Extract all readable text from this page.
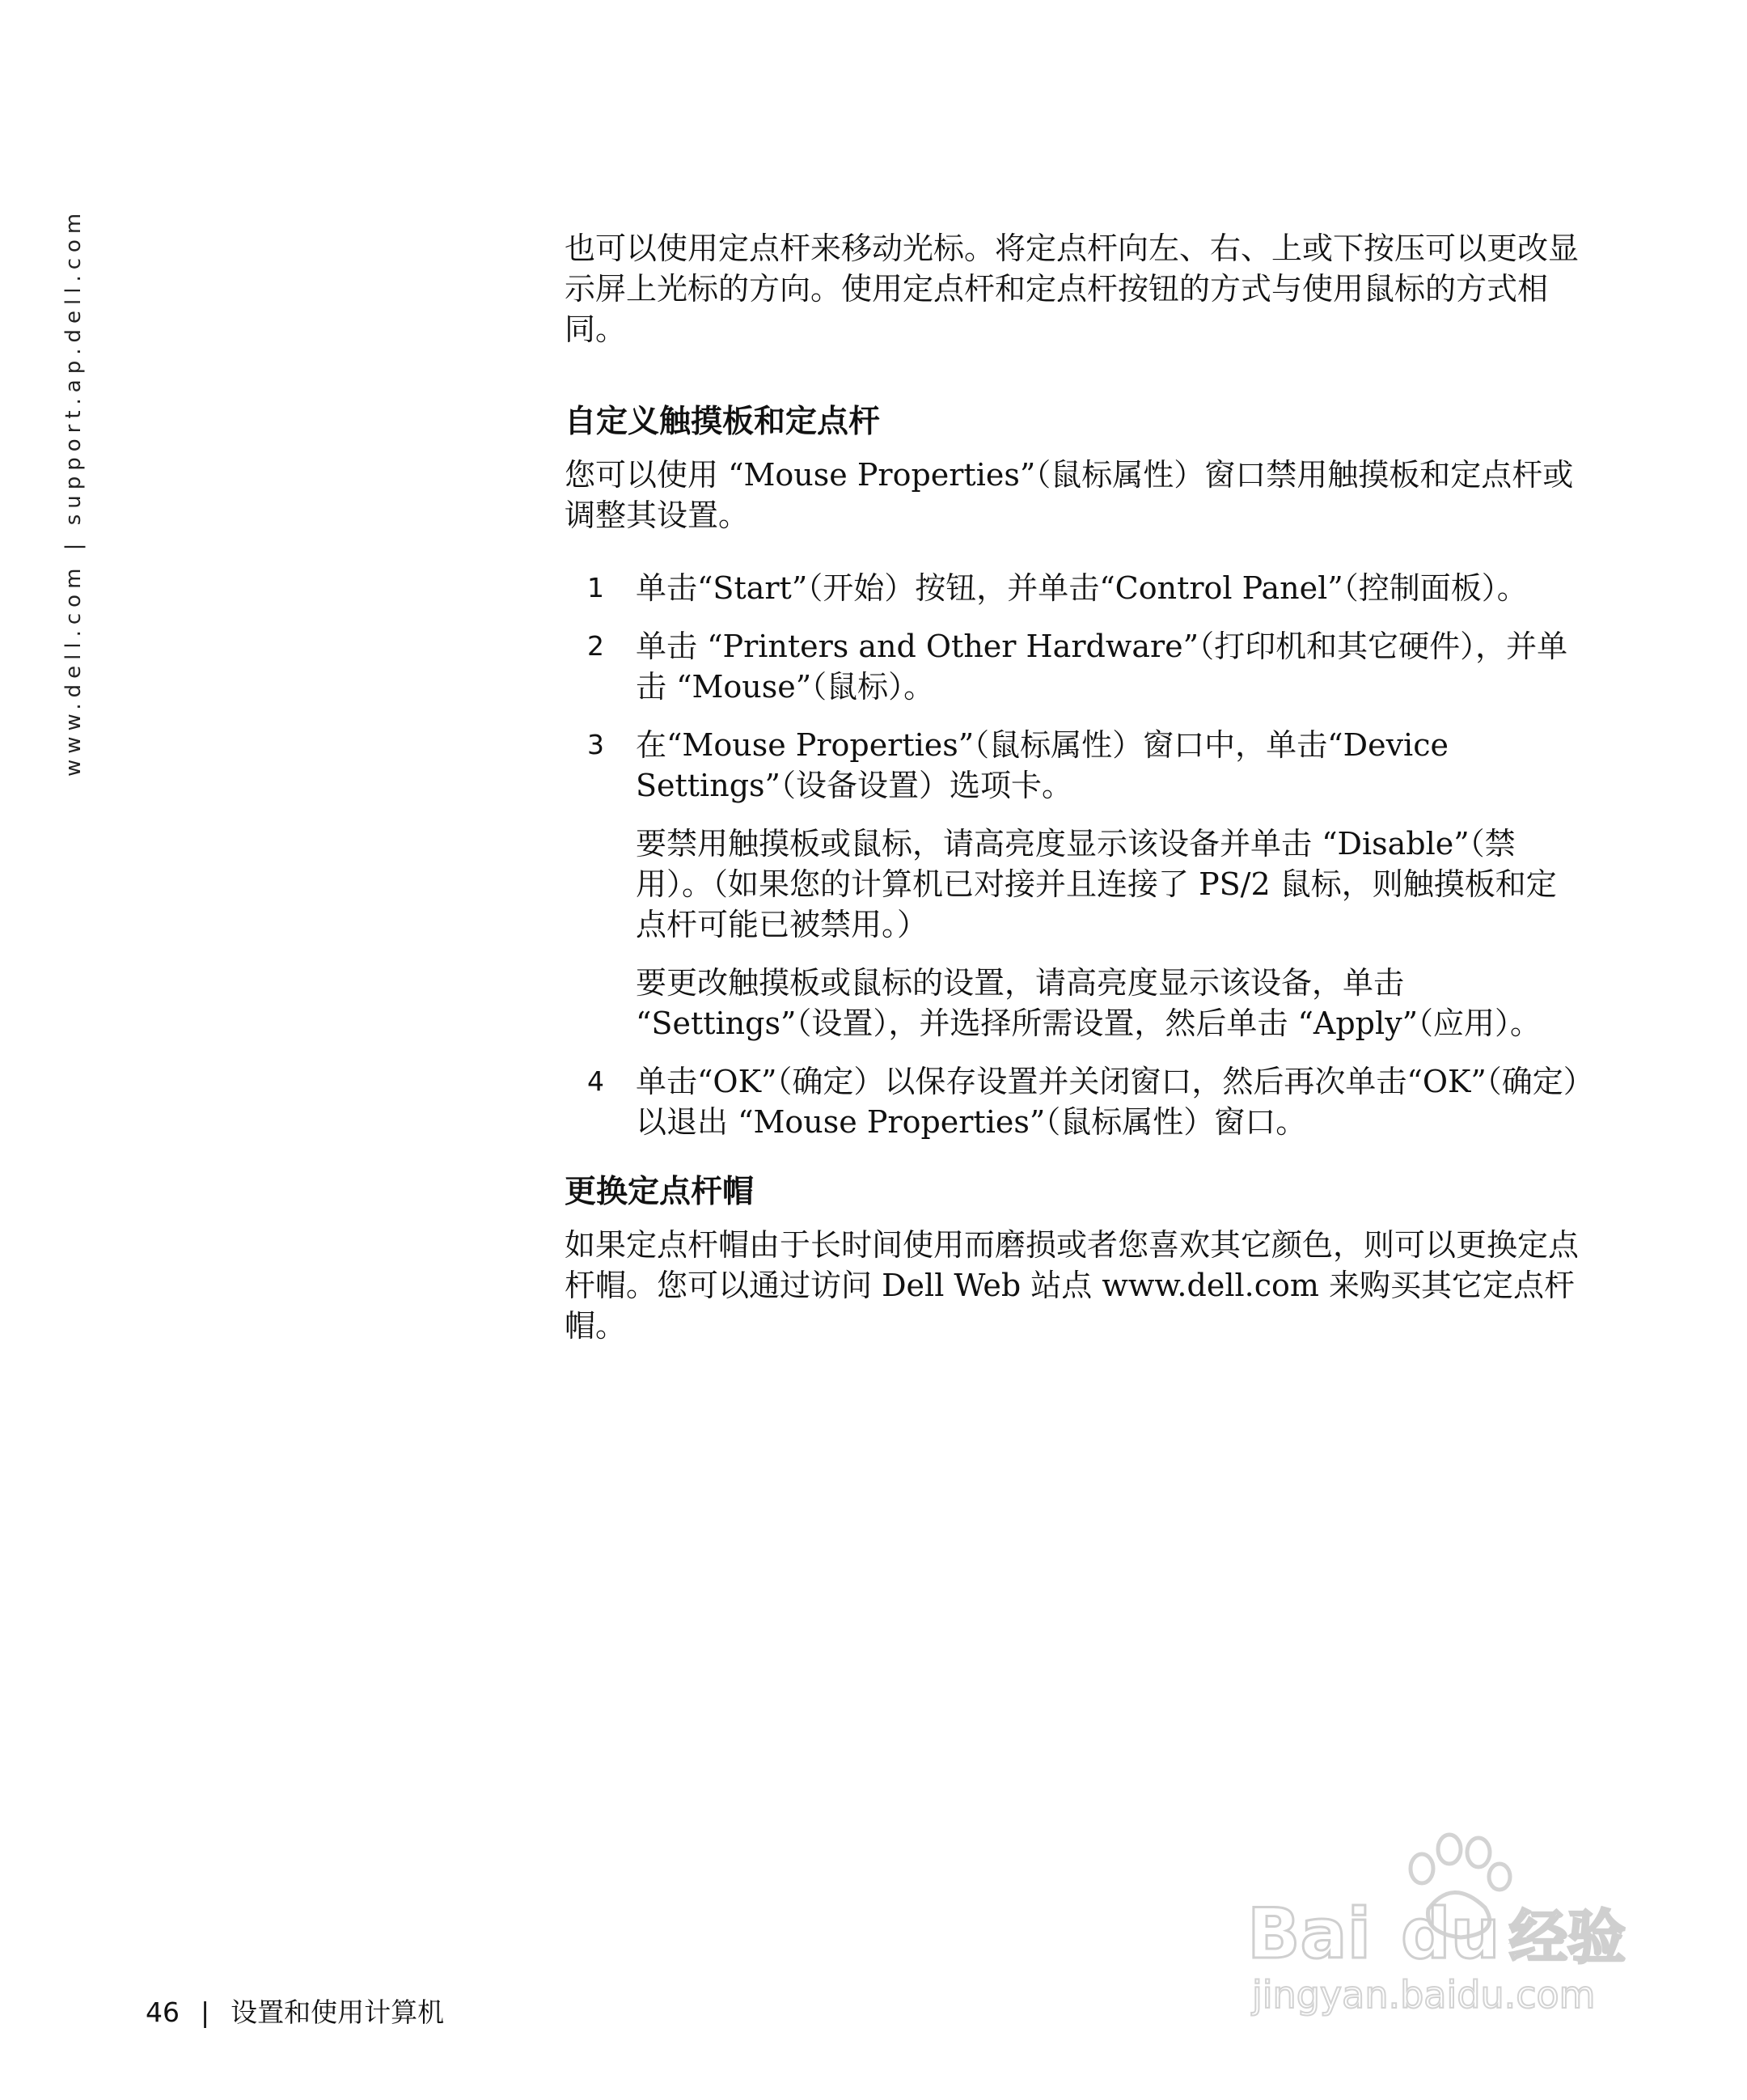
www.dell.com | support.ap.dell.com	也可以使用定点杆来移动光标。将定点杆向左、右、上或下按压可以更改显示屏上光标的方向。使用定点杆和定点杆按钮的方式与使用鼠标的方式相同。

自定义触摸板和定点杆

您可以使用 “Mouse Properties”（鼠标属性）窗口禁用触摸板和定点杆或调整其设置。

1 单击“Start”（开始）按钮，并单击“Control Panel”（控制面板）。

2 单击 “Printers and Other Hardware”（打印机和其它硬件），并单击 “Mouse”（鼠标）。

3 在“Mouse Properties”（鼠标属性）窗口中，单击“Device Settings”（设备设置）选项卡。

要禁用触摸板或鼠标，请高亮度显示该设备并单击 “Disable”（禁用）。（如果您的计算机已对接并且连接了 PS/2 鼠标，则触摸板和定点杆可能已被禁用。）

要更改触摸板或鼠标的设置，请高亮度显示该设备，单击 “Settings”（设置），并选择所需设置，然后单击 “Apply”（应用）。

4 单击“OK”（确定）以保存设置并关闭窗口，然后再次单击“OK”（确定）以退出 “Mouse Properties”（鼠标属性）窗口。

更换定点杆帽

如果定点杆帽由于长时间使用而磨损或者您喜欢其它颜色，则可以更换定点杆帽。您可以通过访问 Dell Web 站点 www.dell.com 来购买其它定点杆帽。

46 | 设置和使用计算机
Bai du 经验
jingyan.baidu.com
